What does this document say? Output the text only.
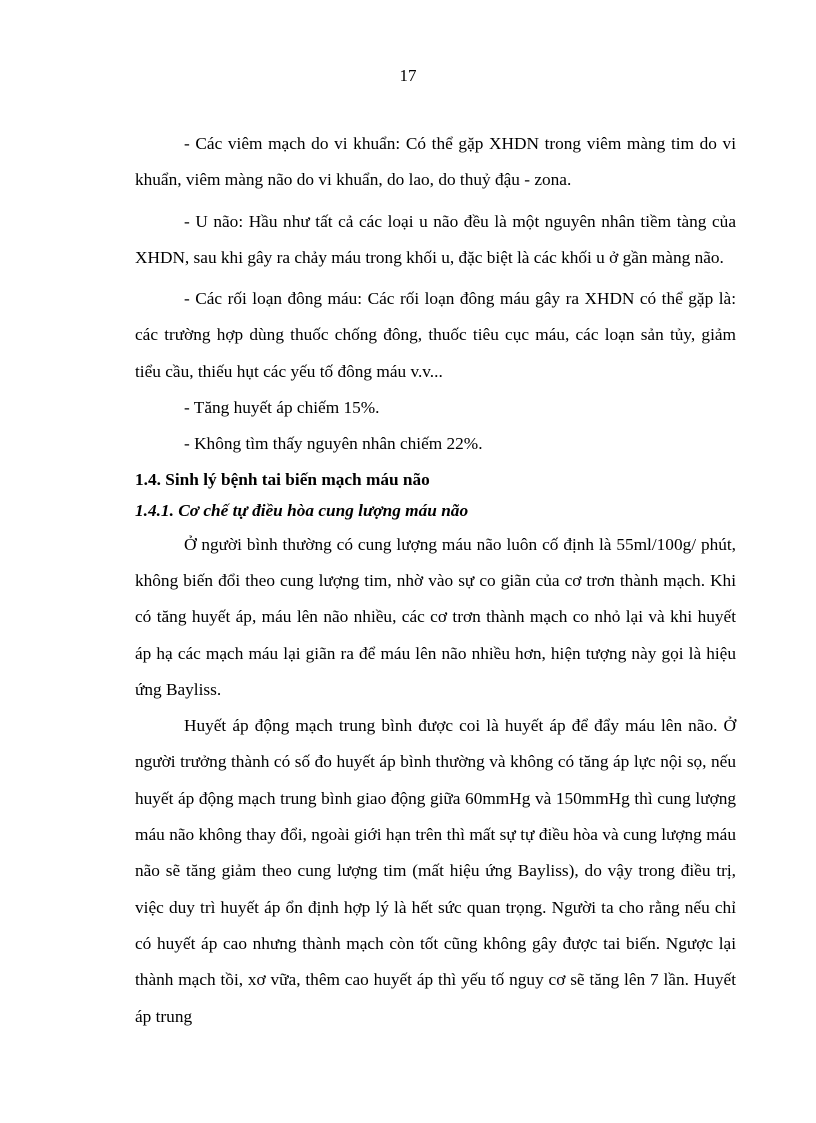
17

- Các viêm mạch do vi khuẩn: Có thể gặp XHDN trong viêm màng tim do vi khuẩn, viêm màng não do vi khuẩn, do lao, do thuỷ đậu - zona.

- U não: Hầu như tất cả các loại u não đều là một nguyên nhân tiềm tàng của XHDN, sau khi gây ra chảy máu trong khối u, đặc biệt là các khối u ở gần màng não.

- Các rối loạn đông máu: Các rối loạn đông máu gây ra XHDN có thể gặp là: các trường hợp dùng thuốc chống đông, thuốc tiêu cục máu, các loạn sản tủy, giảm tiểu cầu, thiếu hụt các yếu tố đông máu v.v...

- Tăng huyết áp chiếm 15%.

- Không tìm thấy nguyên nhân chiếm 22%.

1.4. Sinh lý bệnh tai biến mạch máu não
1.4.1. Cơ chế tự điều hòa cung lượng máu não

Ở người bình thường có cung lượng máu não luôn cố định là 55ml/100g/ phút, không biến đổi theo cung lượng tim, nhờ vào sự co giãn của cơ trơn thành mạch. Khi có tăng huyết áp, máu lên não nhiều, các cơ trơn thành mạch co nhỏ lại và khi huyết áp hạ các mạch máu lại giãn ra để máu lên não nhiều hơn, hiện tượng này gọi là hiệu ứng Bayliss.

Huyết áp động mạch trung bình được coi là huyết áp để đẩy máu lên não. Ở người trưởng thành có số đo huyết áp bình thường và không có tăng áp lực nội sọ, nếu huyết áp động mạch trung bình giao động giữa 60mmHg và 150mmHg thì cung lượng máu não không thay đổi, ngoài giới hạn trên thì mất sự tự điều hòa và cung lượng máu não sẽ tăng giảm theo cung lượng tim (mất hiệu ứng Bayliss), do vậy trong điều trị, việc duy trì huyết áp ổn định hợp lý là hết sức quan trọng. Người ta cho rằng nếu chỉ có huyết áp cao nhưng thành mạch còn tốt cũng không gây được tai biến. Ngược lại thành mạch tồi, xơ vữa, thêm cao huyết áp thì yếu tố nguy cơ sẽ tăng lên 7 lần. Huyết áp trung
